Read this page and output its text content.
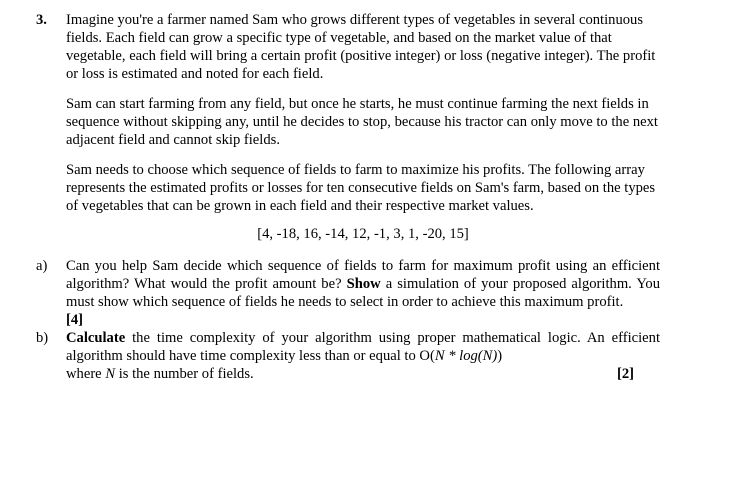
3. Imagine you're a farmer named Sam who grows different types of vegetables in several continuous fields. Each field can grow a specific type of vegetable, and based on the market value of that vegetable, each field will bring a certain profit (positive integer) or loss (negative integer). The profit or loss is estimated and noted for each field.

Sam can start farming from any field, but once he starts, he must continue farming the next fields in sequence without skipping any, until he decides to stop, because his tractor can only move to the next adjacent field and cannot skip fields.

Sam needs to choose which sequence of fields to farm to maximize his profits. The following array represents the estimated profits or losses for ten consecutive fields on Sam's farm, based on the types of vegetables that can be grown in each field and their respective market values.

[4, -18, 16, -14, 12, -1, 3, 1, -20, 15]

a) Can you help Sam decide which sequence of fields to farm for maximum profit using an efficient algorithm? What would the profit amount be? Show a simulation of your proposed algorithm. You must show which sequence of fields he needs to select in order to achieve this maximum profit.
[4]
b) Calculate the time complexity of your algorithm using proper mathematical logic. An efficient algorithm should have time complexity less than or equal to O(N * log(N))
where N is the number of fields.	[2]
